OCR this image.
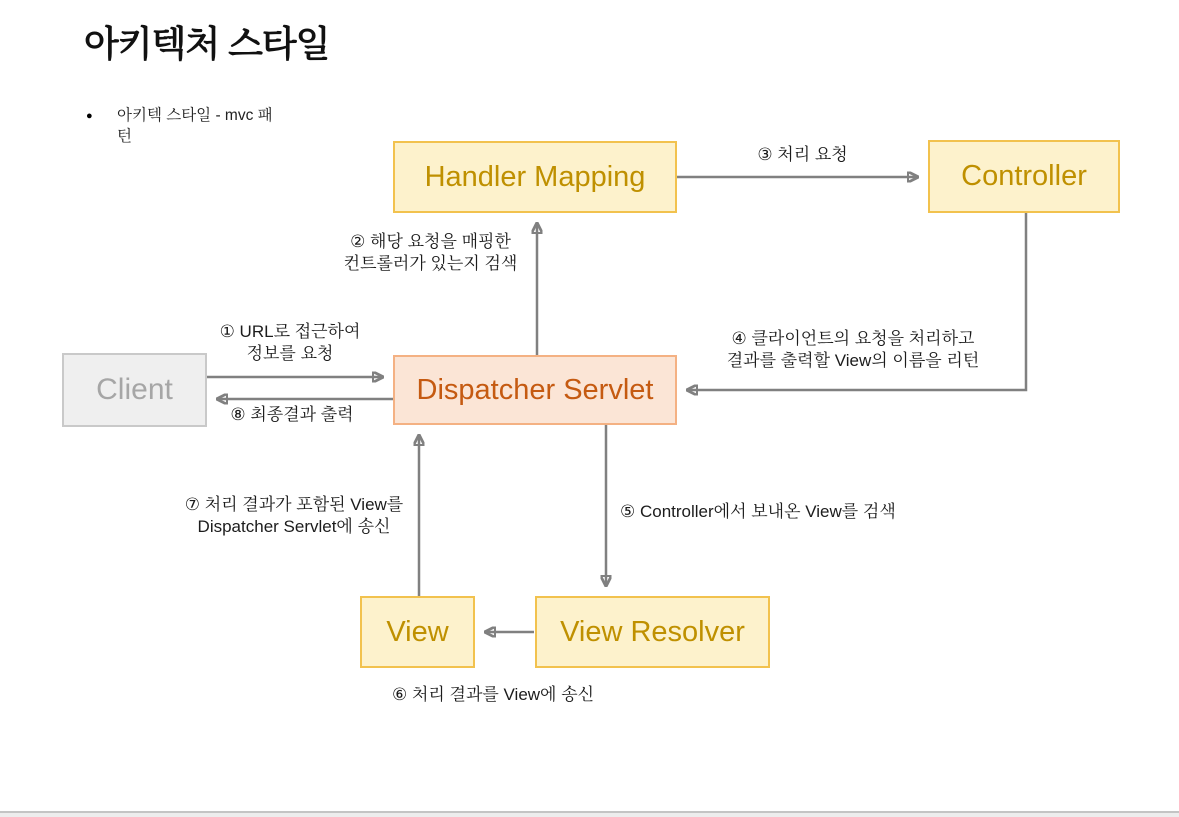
아키텍처 스타일
● 아키텍 스타일 - mvc 패
턴
Handler Mapping	Controller
Client	Dispatcher Servlet
View	View Resolver
① URL로 접근하여
정보를 요청
② 해당 요청을 매핑한
컨트롤러가 있는지 검색
③ 처리 요청
④ 클라이언트의 요청을 처리하고
결과를 출력할 View의 이름을 리턴
⑤ Controller에서 보내온 View를 검색
⑥ 처리 결과를 View에 송신
⑦ 처리 결과가 포함된 View를
Dispatcher Servlet에 송신
⑧ 최종결과 출력
